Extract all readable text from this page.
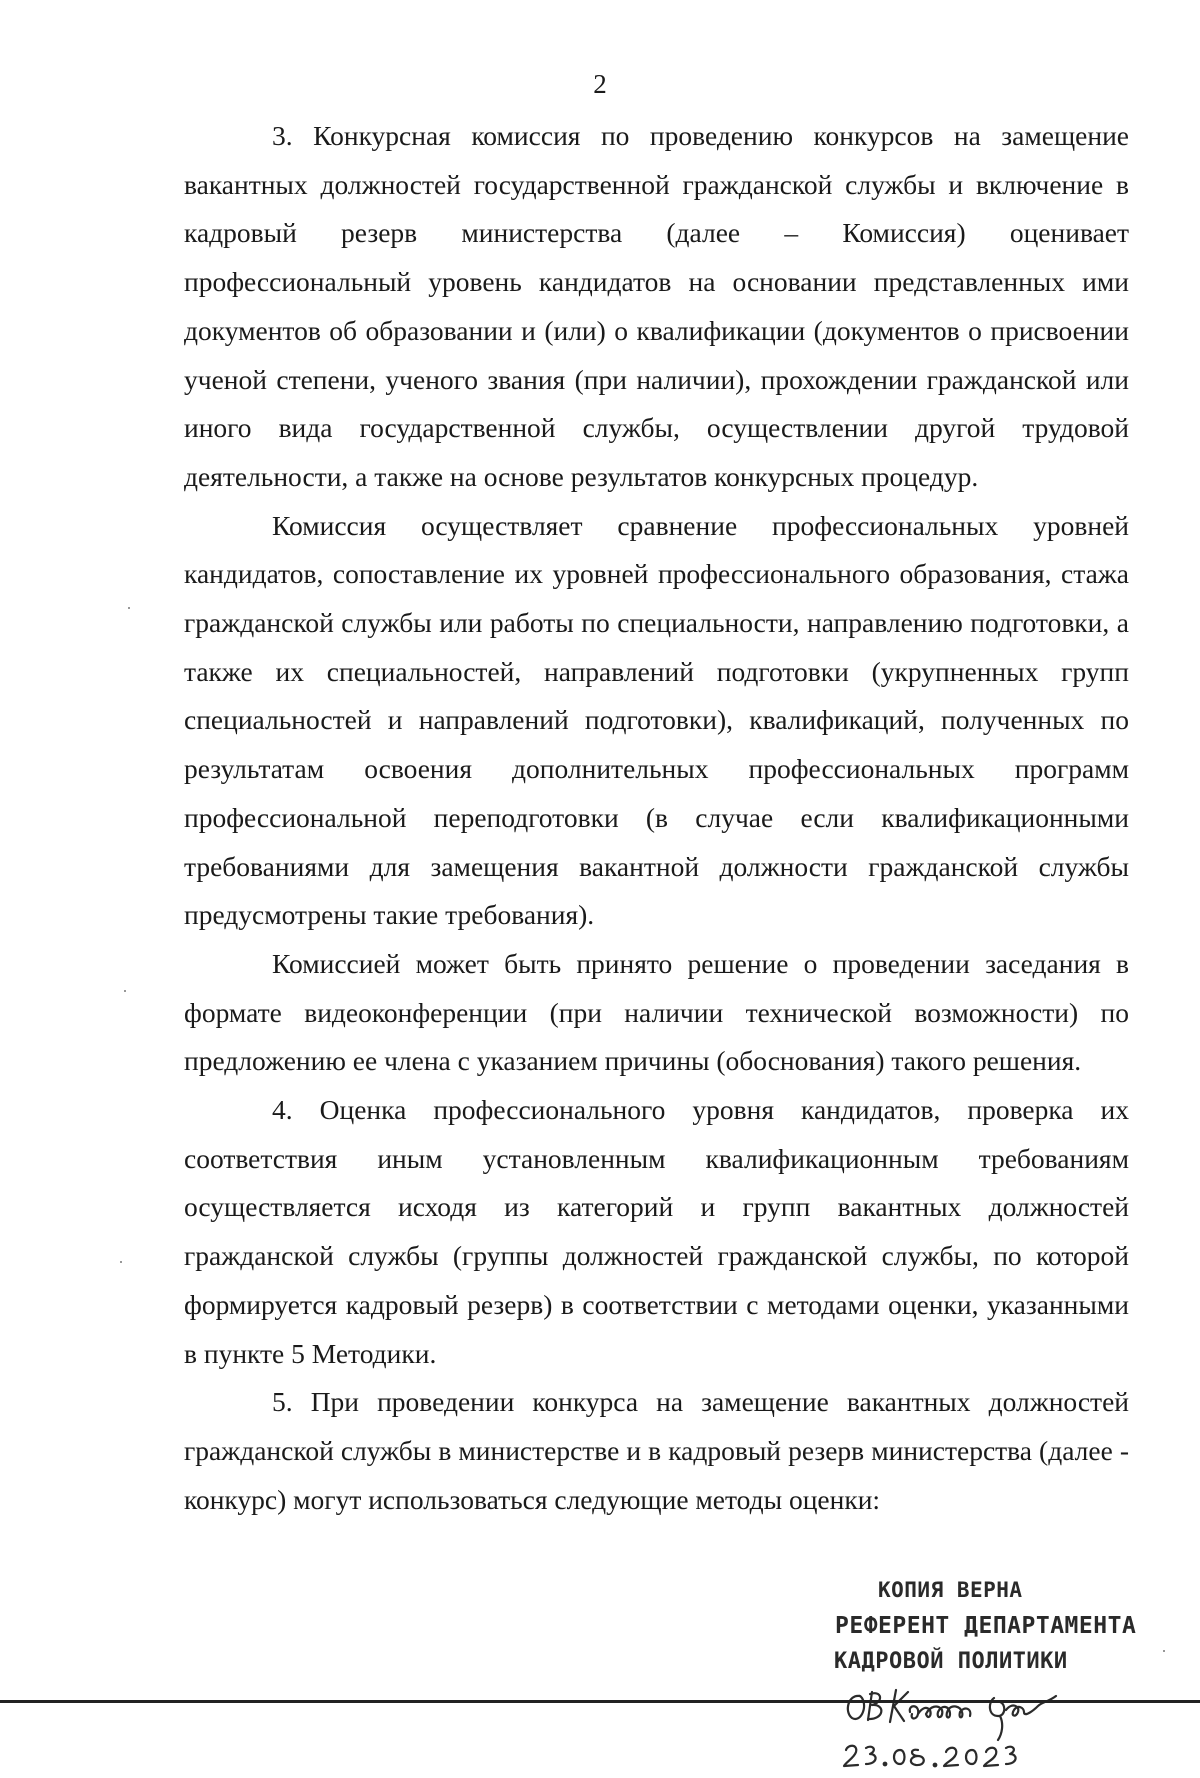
2

3. Конкурсная комиссия по проведению конкурсов на замещение вакантных должностей государственной гражданской службы и включение в кадровый резерв министерства (далее – Комиссия) оценивает профессиональный уровень кандидатов на основании представленных ими документов об образовании и (или) о квалификации (документов о присвоении ученой степени, ученого звания (при наличии), прохождении гражданской или иного вида государственной службы, осуществлении другой трудовой деятельности, а также на основе результатов конкурсных процедур.

Комиссия осуществляет сравнение профессиональных уровней кандидатов, сопоставление их уровней профессионального образования, стажа гражданской службы или работы по специальности, направлению подготовки, а также их специальностей, направлений подготовки (укрупненных групп специальностей и направлений подготовки), квалификаций, полученных по результатам освоения дополнительных профессиональных программ профессиональной переподготовки (в случае если квалификационными требованиями для замещения вакантной должности гражданской службы предусмотрены такие требования).

Комиссией может быть принято решение о проведении заседания в формате видеоконференции (при наличии технической возможности) по предложению ее члена с указанием причины (обоснования) такого решения.

4. Оценка профессионального уровня кандидатов, проверка их соответствия иным установленным квалификационным требованиям осуществляется исходя из категорий и групп вакантных должностей гражданской службы (группы должностей гражданской службы, по которой формируется кадровый резерв) в соответствии с методами оценки, указанными в пункте 5 Методики.

5. При проведении конкурса на замещение вакантных должностей гражданской службы в министерстве и в кадровый резерв министерства (далее - конкурс) могут использоваться следующие методы оценки:

КОПИЯ ВЕРНА
РЕФЕРЕНТ ДЕПАРТАМЕНТА
КАДРОВОЙ ПОЛИТИКИ
